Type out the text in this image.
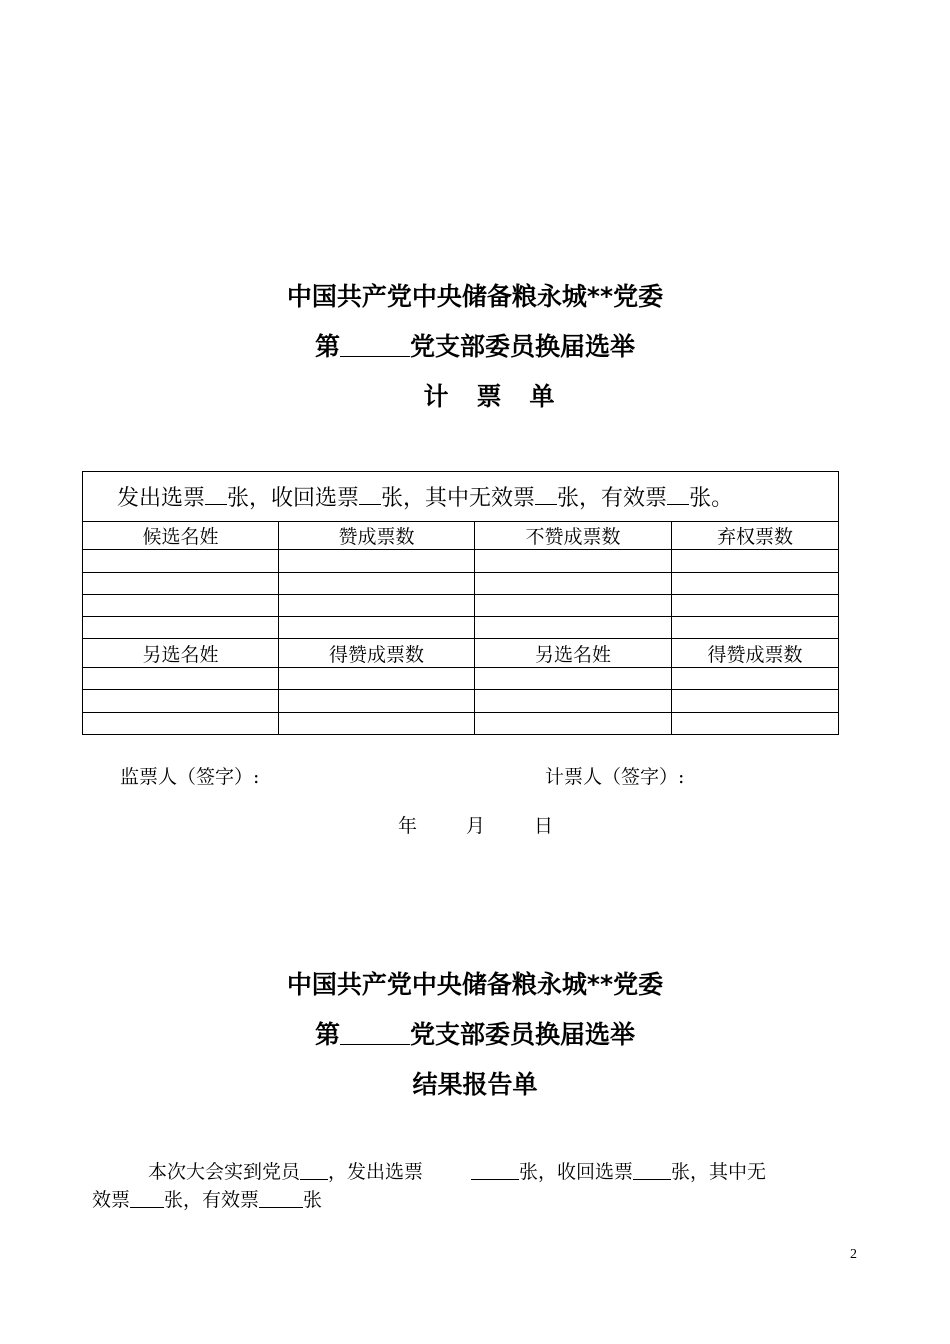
中国共产党中央储备粮永城**党委
第	党支部委员换届选举
计票单
发出选票 张，收回选票 张，其中无效票 张，有效票 张。			
候选名姓	赞成票数	不赞成票数	弃权票数

另选名姓	得赞成票数	另选名姓	得赞成票数

监票人（签字）:	计票人（签字）:
年	月	日
中国共产党中央储备粮永城**党委
第	党支部委员换届选举
结果报告单
本次大会实到党员 ，发出选票	张，收回选票 张，其中无
效票 张，有效票 张
2
